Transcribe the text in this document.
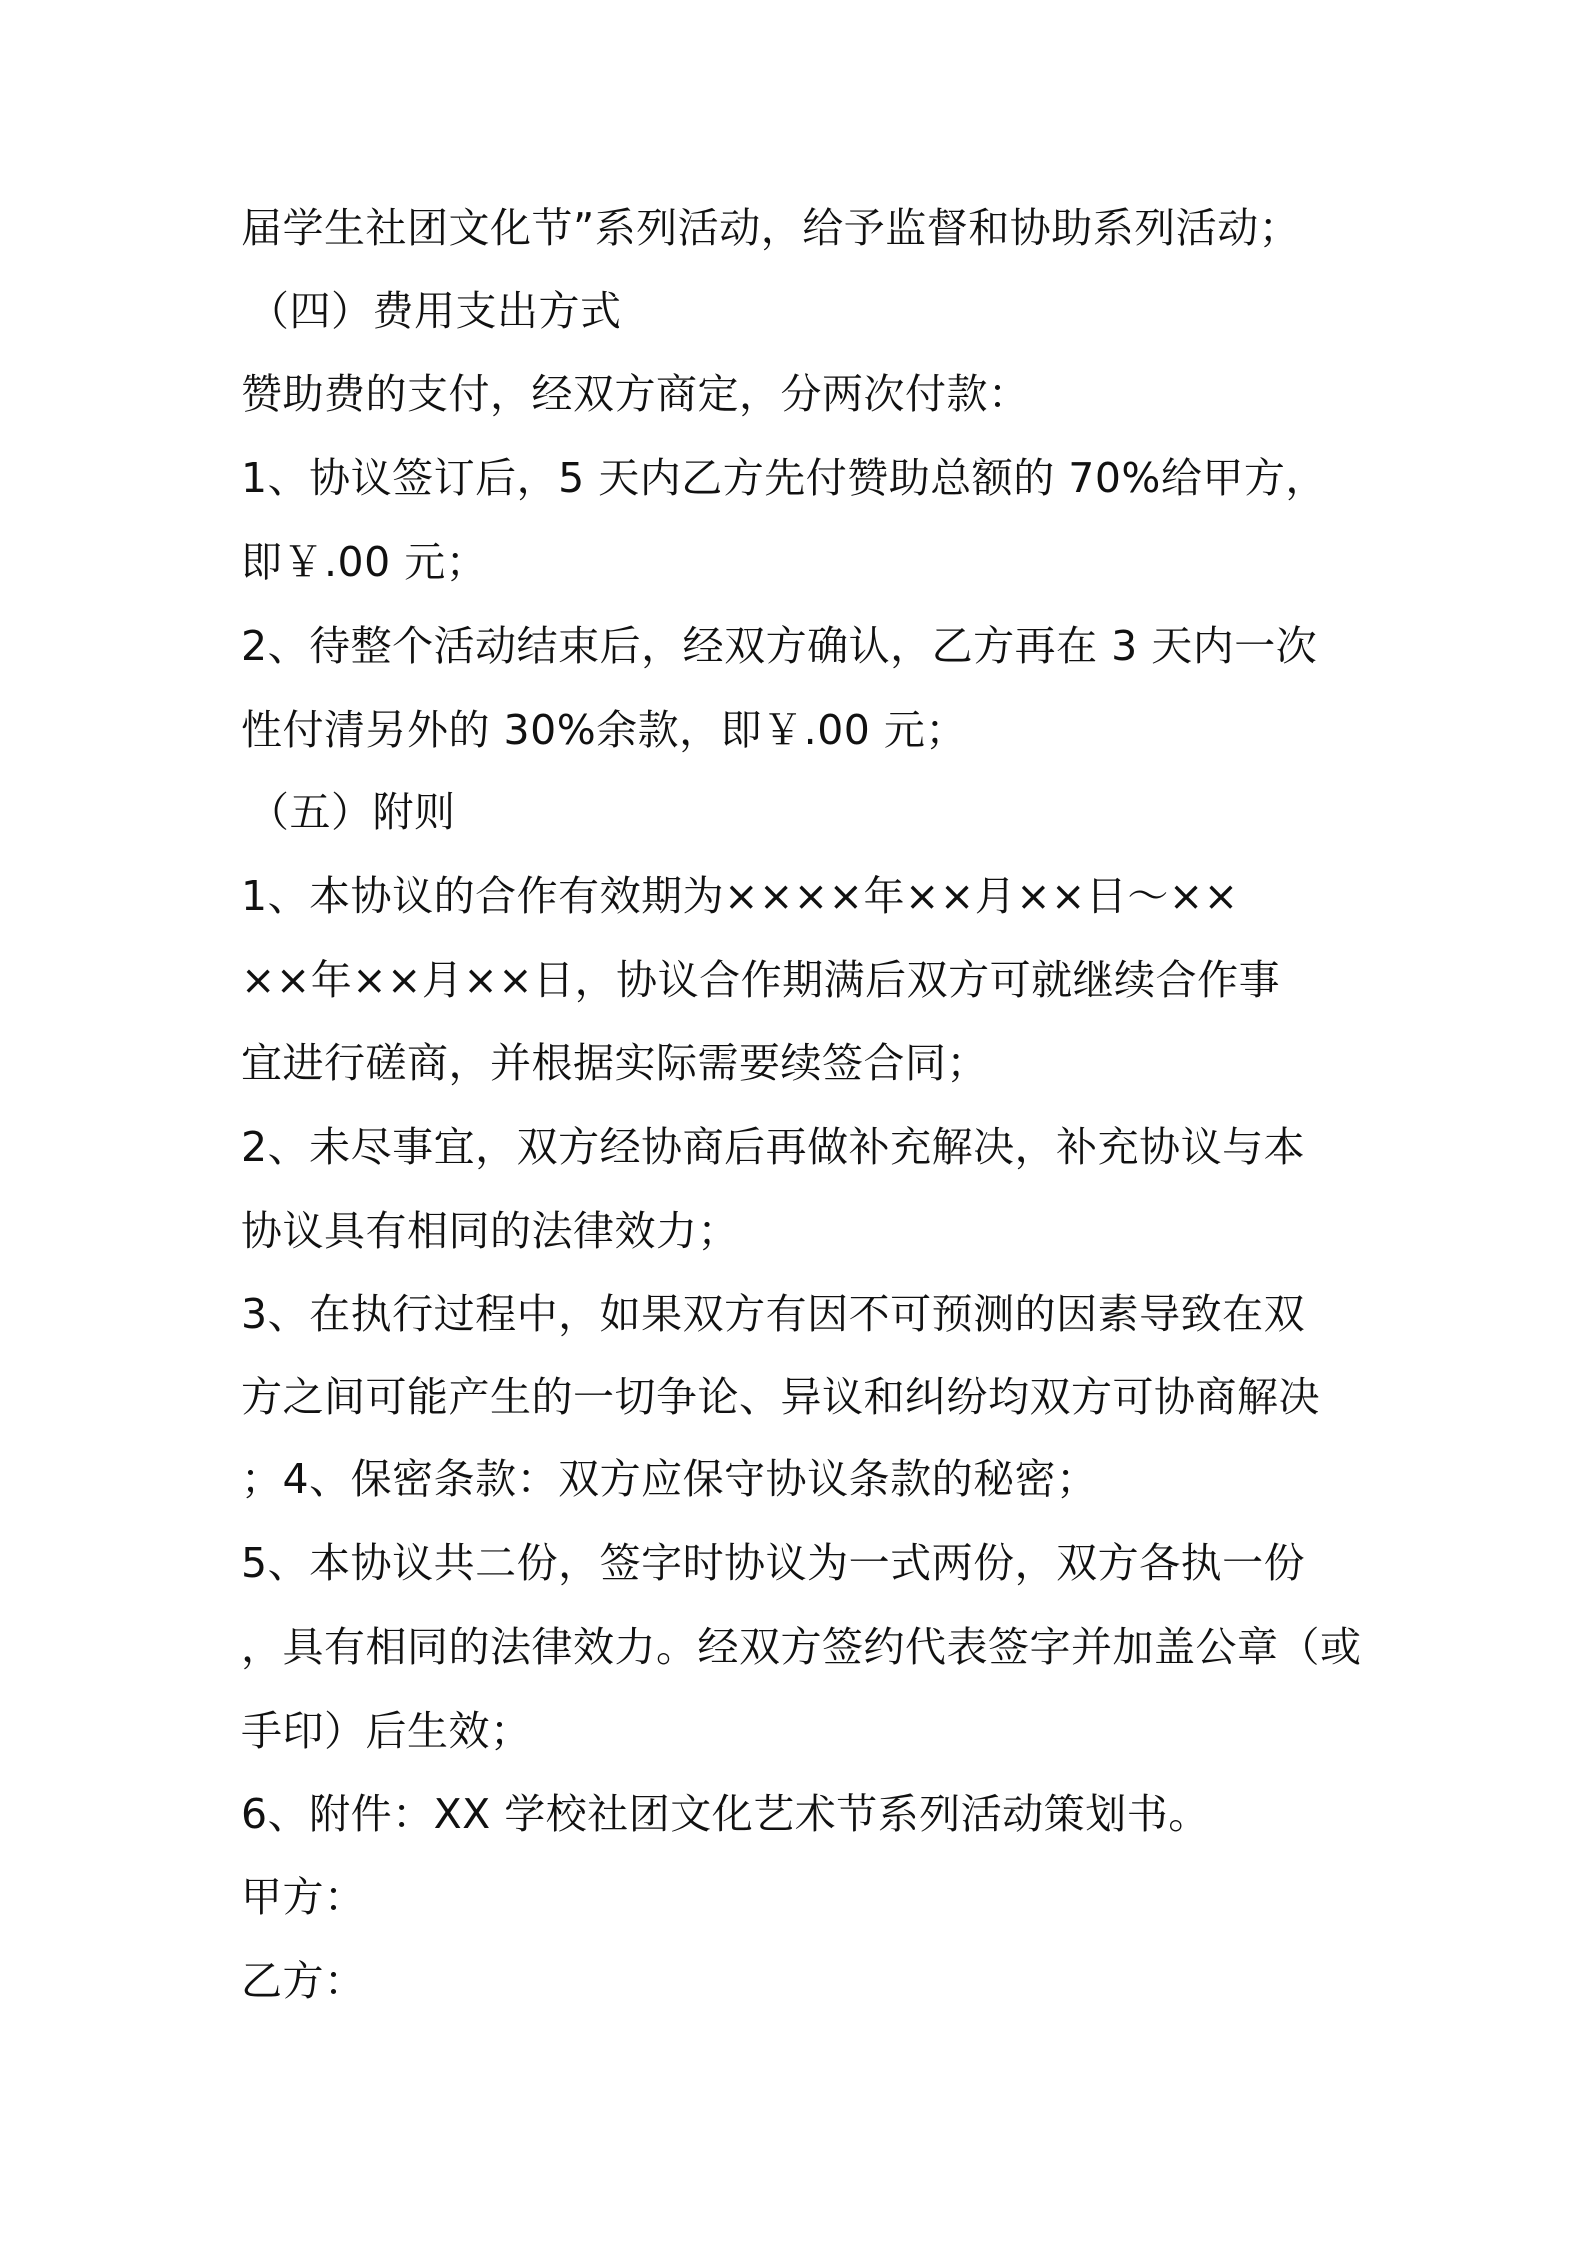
届学生社团文化节”系列活动，给予监督和协助系列活动；
（四）费用支出方式
赞助费的支付，经双方商定，分两次付款：
1、协议签订后，5 天内乙方先付赞助总额的 70%给甲方，
即￥.00 元；
2、待整个活动结束后，经双方确认，乙方再在 3 天内一次
性付清另外的 30%余款，即￥.00 元；
（五）附则
1、本协议的合作有效期为××××年××月××日～××
××年××月××日，协议合作期满后双方可就继续合作事
宜进行磋商，并根据实际需要续签合同；
2、未尽事宜，双方经协商后再做补充解决，补充协议与本
协议具有相同的法律效力；
3、在执行过程中，如果双方有因不可预测的因素导致在双
方之间可能产生的一切争论、异议和纠纷均双方可协商解决
；4、保密条款：双方应保守协议条款的秘密；
5、本协议共二份，签字时协议为一式两份，双方各执一份
，具有相同的法律效力。经双方签约代表签字并加盖公章（或
手印）后生效；
6、附件：XX 学校社团文化艺术节系列活动策划书。
甲方：
乙方：
